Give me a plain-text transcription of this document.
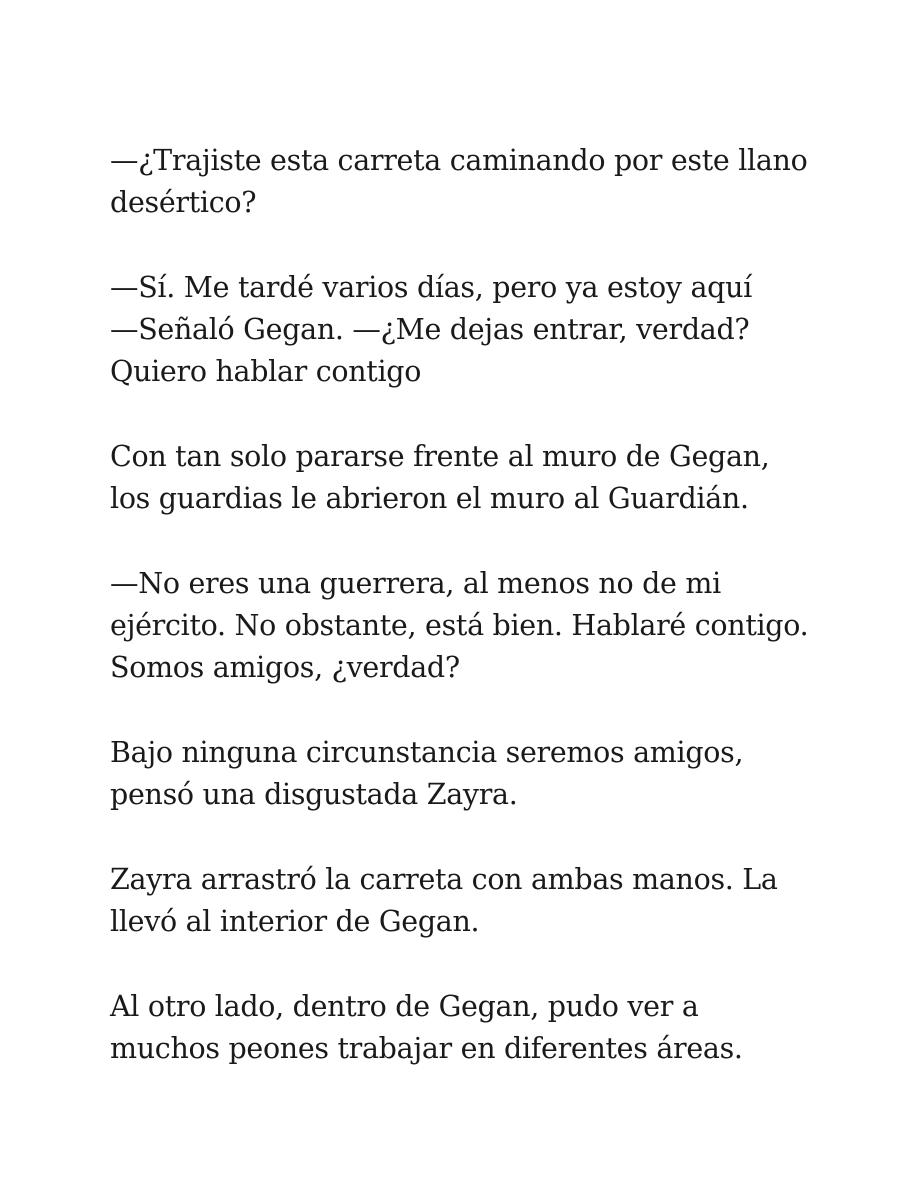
—¿Trajiste esta carreta caminando por este llano
desértico?

—Sí. Me tardé varios días, pero ya estoy aquí
—Señaló Gegan. —¿Me dejas entrar, verdad?
Quiero hablar contigo

Con tan solo pararse frente al muro de Gegan,
los guardias le abrieron el muro al Guardián.

—No eres una guerrera, al menos no de mi
ejército. No obstante, está bien. Hablaré contigo.
Somos amigos, ¿verdad?

Bajo ninguna circunstancia seremos amigos,
pensó una disgustada Zayra.

Zayra arrastró la carreta con ambas manos. La
llevó al interior de Gegan.

Al otro lado, dentro de Gegan, pudo ver a
muchos peones trabajar en diferentes áreas.
